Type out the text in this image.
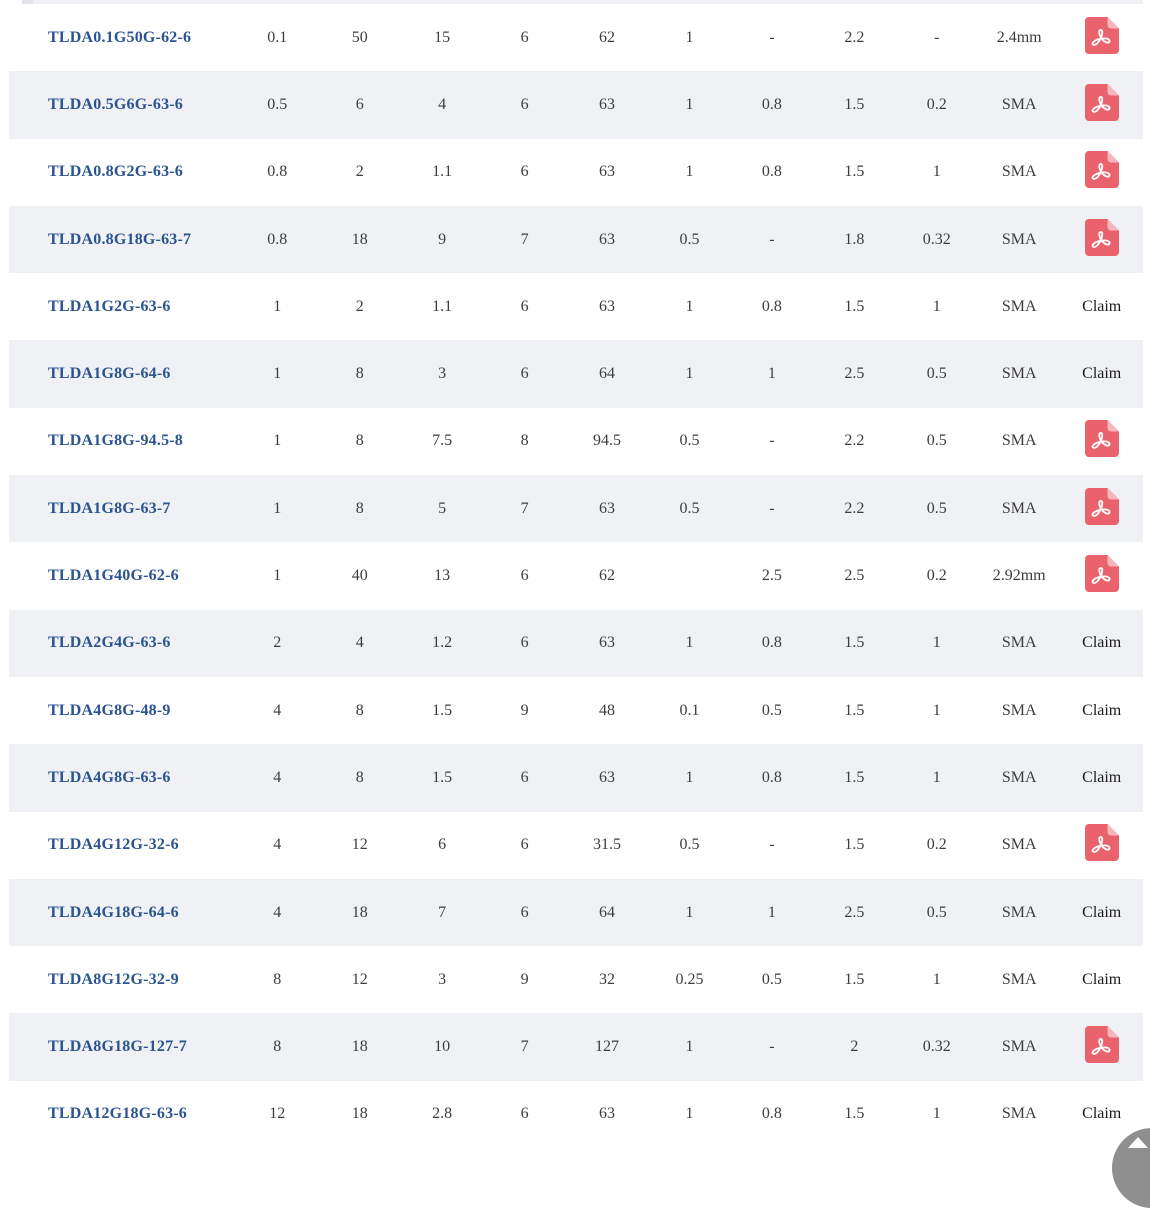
TLDA0.1G50G-62-6	0.1	50	15	6	62	1	-	2.2	-	2.4mm	
TLDA0.5G6G-63-6	0.5	6	4	6	63	1	0.8	1.5	0.2	SMA	
TLDA0.8G2G-63-6	0.8	2	1.1	6	63	1	0.8	1.5	1	SMA	
TLDA0.8G18G-63-7	0.8	18	9	7	63	0.5	-	1.8	0.32	SMA	
TLDA1G2G-63-6	1	2	1.1	6	63	1	0.8	1.5	1	SMA	Claim
TLDA1G8G-64-6	1	8	3	6	64	1	1	2.5	0.5	SMA	Claim
TLDA1G8G-94.5-8	1	8	7.5	8	94.5	0.5	-	2.2	0.5	SMA	
TLDA1G8G-63-7	1	8	5	7	63	0.5	-	2.2	0.5	SMA	
TLDA1G40G-62-6	1	40	13	6	62		2.5	2.5	0.2	2.92mm	
TLDA2G4G-63-6	2	4	1.2	6	63	1	0.8	1.5	1	SMA	Claim
TLDA4G8G-48-9	4	8	1.5	9	48	0.1	0.5	1.5	1	SMA	Claim
TLDA4G8G-63-6	4	8	1.5	6	63	1	0.8	1.5	1	SMA	Claim
TLDA4G12G-32-6	4	12	6	6	31.5	0.5	-	1.5	0.2	SMA	
TLDA4G18G-64-6	4	18	7	6	64	1	1	2.5	0.5	SMA	Claim
TLDA8G12G-32-9	8	12	3	9	32	0.25	0.5	1.5	1	SMA	Claim
TLDA8G18G-127-7	8	18	10	7	127	1	-	2	0.32	SMA	
TLDA12G18G-63-6	12	18	2.8	6	63	1	0.8	1.5	1	SMA	Claim
